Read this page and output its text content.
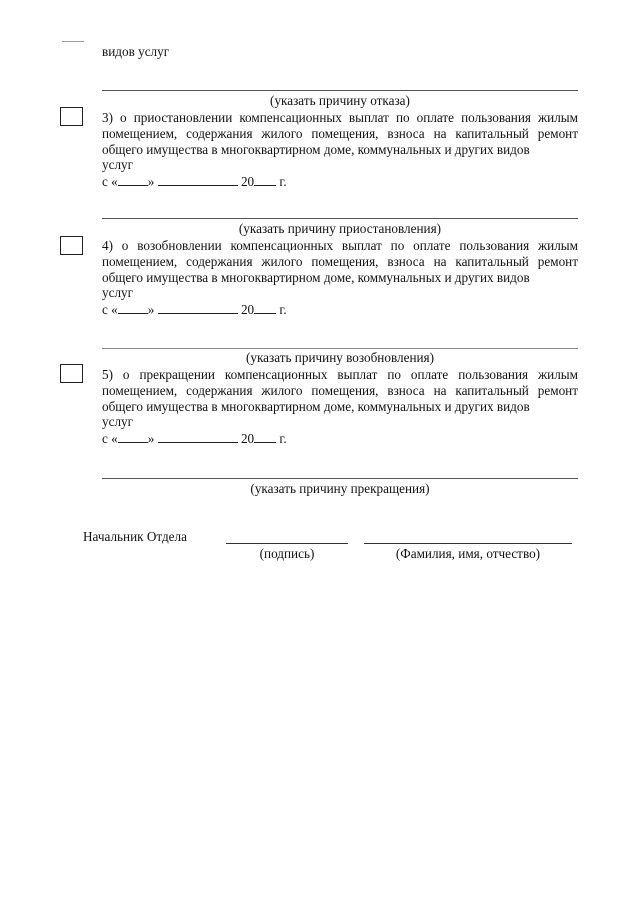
видов услуг
(указать причину отказа)

3) о приостановлении компенсационных выплат по оплате пользования жилым помещением, содержания жилого помещения, взноса на капитальный ремонт общего имущества в многоквартирном доме, коммунальных и других видов

услуг

с « »	20 г.
(указать причину приостановления)

4) о возобновлении компенсационных выплат по оплате пользования жилым помещением, содержания жилого помещения, взноса на капитальный ремонт общего имущества в многоквартирном доме, коммунальных и других видов

услуг

с « »	20 г.
(указать причину возобновления)

5) о прекращении компенсационных выплат по оплате пользования жилым помещением, содержания жилого помещения, взноса на капитальный ремонт общего имущества в многоквартирном доме, коммунальных и других видов

услуг

с « »	20 г.
(указать причину прекращения)
Начальник Отдела
(подпись)	(Фамилия, имя, отчество)
